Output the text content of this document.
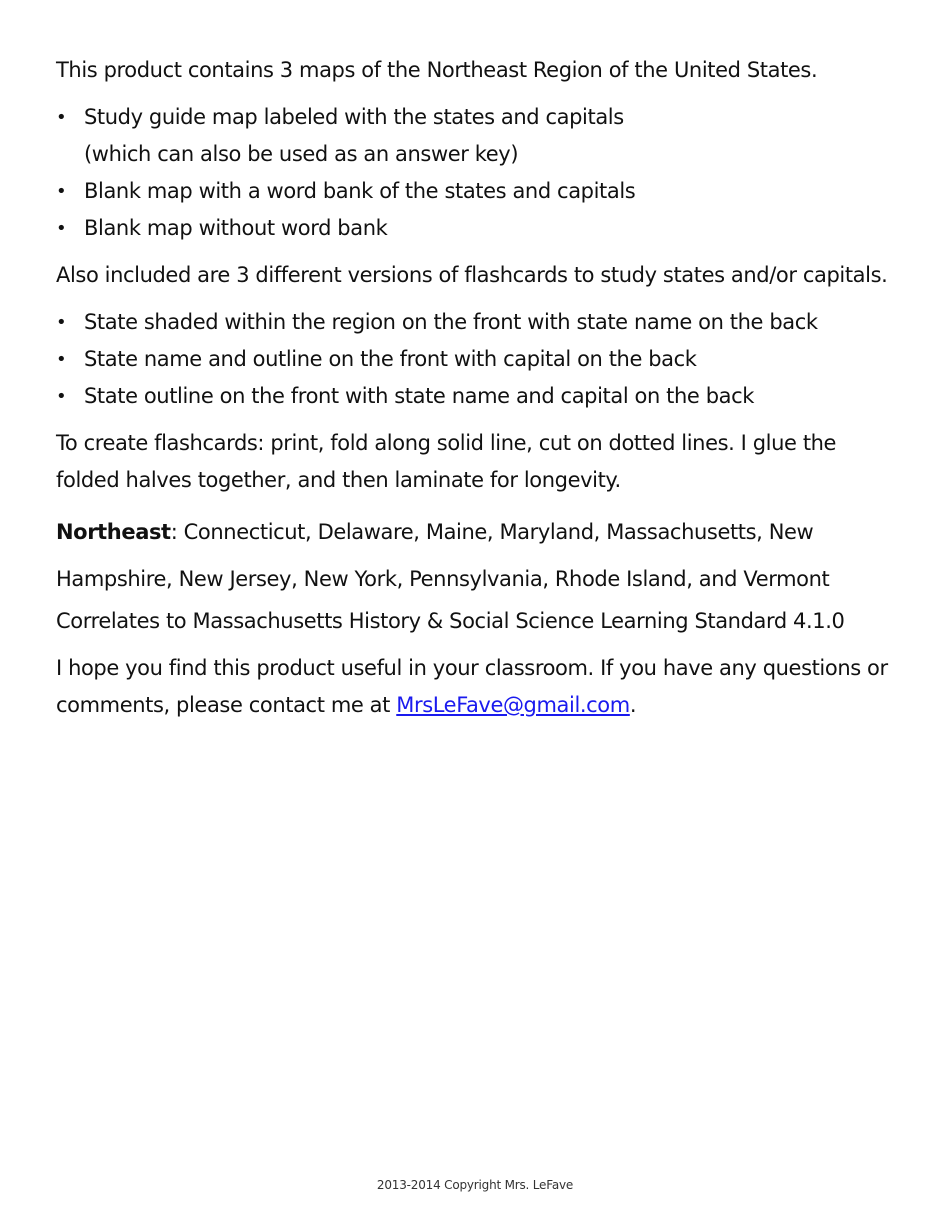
This product contains 3 maps of the Northeast Region of the United States.

• Study guide map labeled with the states and capitals
(which can also be used as an answer key)
• Blank map with a word bank of the states and capitals
• Blank map without word bank

Also included are 3 different versions of flashcards to study states and/or capitals.

• State shaded within the region on the front with state name on the back
• State name and outline on the front with capital on the back
• State outline on the front with state name and capital on the back

To create flashcards: print, fold along solid line, cut on dotted lines. I glue the folded halves together, and then laminate for longevity.

Northeast: Connecticut, Delaware, Maine, Maryland, Massachusetts, New Hampshire, New Jersey, New York, Pennsylvania, Rhode Island, and Vermont

Correlates to Massachusetts History & Social Science Learning Standard 4.1.0

I hope you find this product useful in your classroom. If you have any questions or comments, please contact me at MrsLeFave@gmail.com.

2013-2014 Copyright Mrs. LeFave
